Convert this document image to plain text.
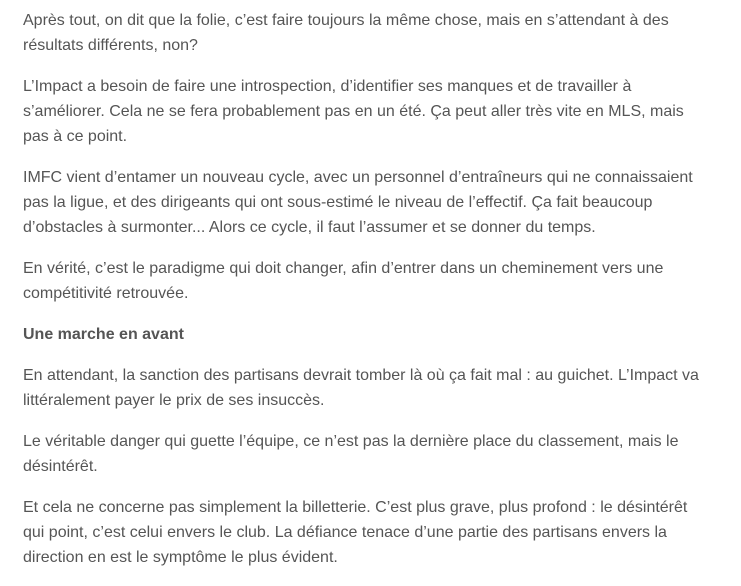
Après tout, on dit que la folie, c’est faire toujours la même chose, mais en s’attendant à des résultats différents, non?

L’Impact a besoin de faire une introspection, d’identifier ses manques et de travailler à s’améliorer. Cela ne se fera probablement pas en un été. Ça peut aller très vite en MLS, mais pas à ce point.

IMFC vient d’entamer un nouveau cycle, avec un personnel d’entraîneurs qui ne connaissaient pas la ligue, et des dirigeants qui ont sous-estimé le niveau de l’effectif. Ça fait beaucoup d’obstacles à surmonter... Alors ce cycle, il faut l’assumer et se donner du temps.

En vérité, c’est le paradigme qui doit changer, afin d’entrer dans un cheminement vers une compétitivité retrouvée.

Une marche en avant

En attendant, la sanction des partisans devrait tomber là où ça fait mal : au guichet. L’Impact va littéralement payer le prix de ses insuccès.

Le véritable danger qui guette l’équipe, ce n’est pas la dernière place du classement, mais le désintérêt.

Et cela ne concerne pas simplement la billetterie. C’est plus grave, plus profond : le désintérêt qui point, c’est celui envers le club. La défiance tenace d’une partie des partisans envers la direction en est le symptôme le plus évident.
